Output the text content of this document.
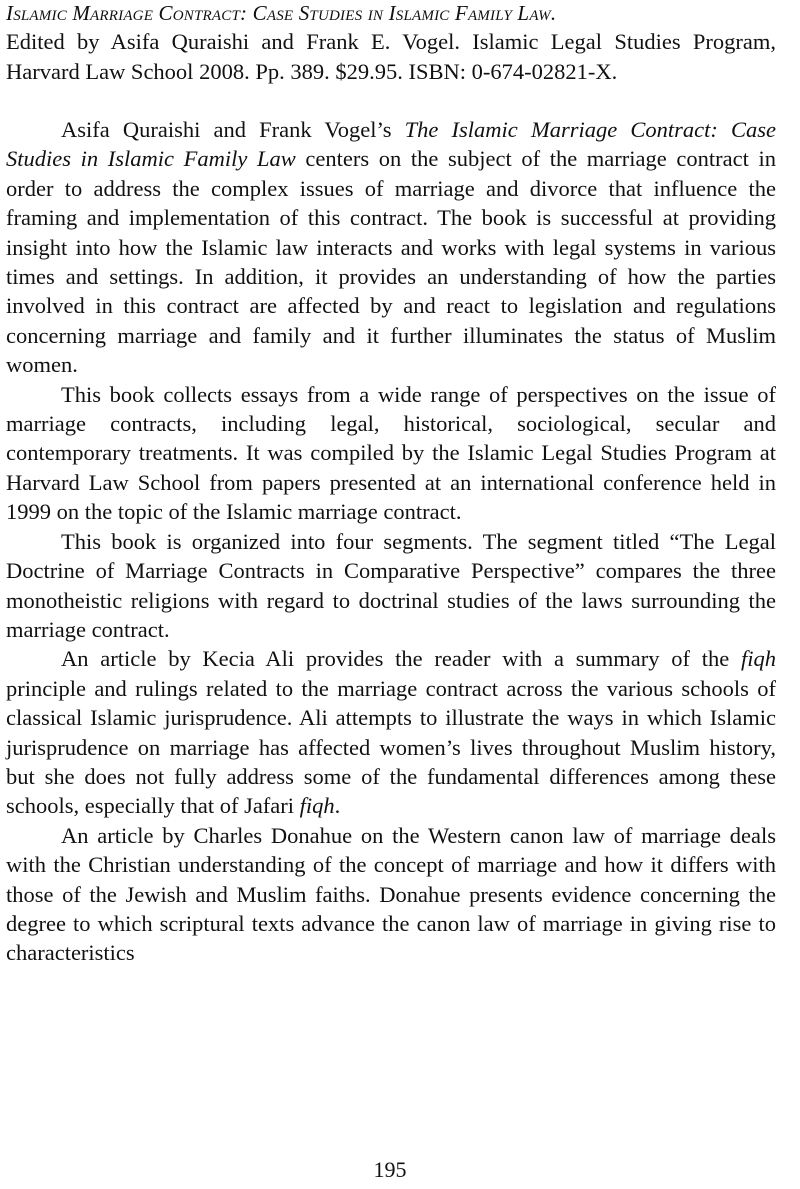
Islamic Marriage Contract: Case Studies in Islamic Family Law.

Edited by Asifa Quraishi and Frank E. Vogel. Islamic Legal Studies Program, Harvard Law School 2008. Pp. 389. $29.95. ISBN: 0-674-02821-X.

Asifa Quraishi and Frank Vogel’s The Islamic Marriage Contract: Case Studies in Islamic Family Law centers on the subject of the marriage contract in order to address the complex issues of marriage and divorce that influence the framing and implementation of this contract. The book is successful at providing insight into how the Islamic law interacts and works with legal systems in various times and settings. In addition, it provides an understanding of how the parties involved in this contract are affected by and react to legislation and regulations concerning marriage and family and it further illuminates the status of Muslim women.

This book collects essays from a wide range of perspectives on the issue of marriage contracts, including legal, historical, sociological, secular and contemporary treatments. It was compiled by the Islamic Legal Studies Program at Harvard Law School from papers presented at an international conference held in 1999 on the topic of the Islamic marriage contract.

This book is organized into four segments. The segment titled “The Legal Doctrine of Marriage Contracts in Comparative Perspective” compares the three monotheistic religions with regard to doctrinal studies of the laws surrounding the marriage contract.

An article by Kecia Ali provides the reader with a summary of the fiqh principle and rulings related to the marriage contract across the various schools of classical Islamic jurisprudence. Ali attempts to illustrate the ways in which Islamic jurisprudence on marriage has affected women’s lives throughout Muslim history, but she does not fully address some of the fundamental differences among these schools, especially that of Jafari fiqh.

An article by Charles Donahue on the Western canon law of marriage deals with the Christian understanding of the concept of marriage and how it differs with those of the Jewish and Muslim faiths. Donahue presents evidence concerning the degree to which scriptural texts advance the canon law of marriage in giving rise to characteristics

195
